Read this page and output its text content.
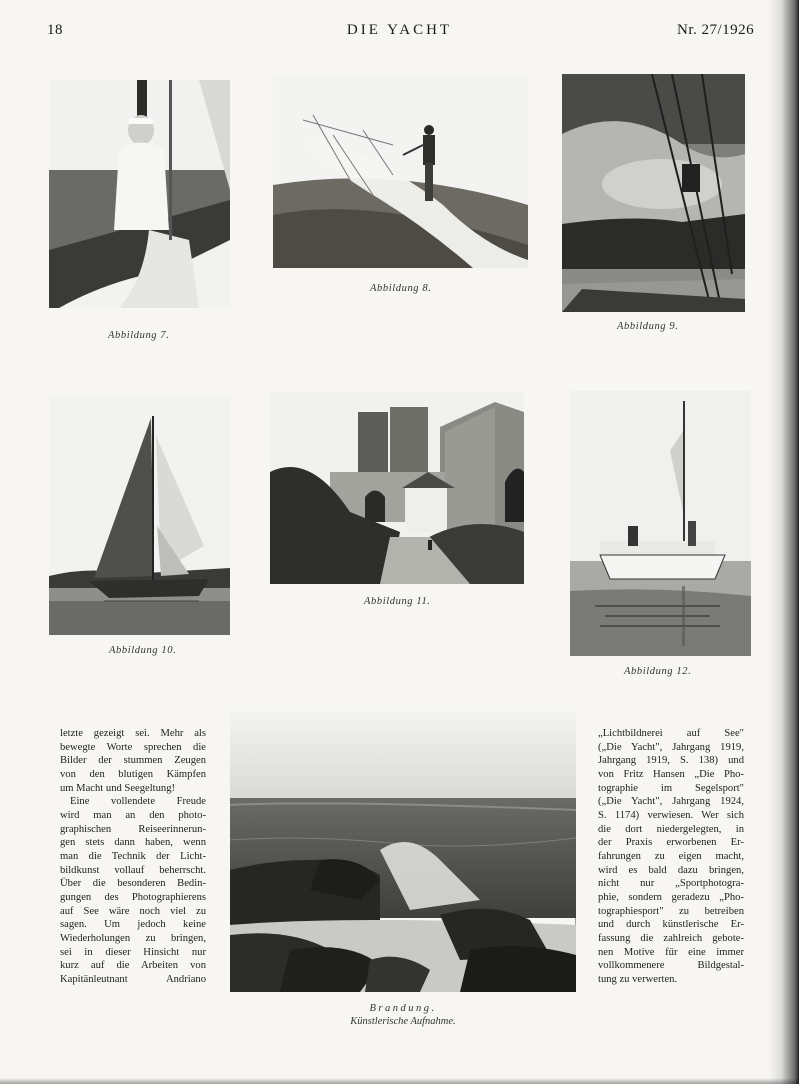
18	DIE YACHT	Nr. 27/1926
Abbildung 7.
Abbildung 8.
Abbildung 9.
Abbildung 10.
Abbildung 11.
Abbildung 12.
letzte gezeigt sei. Mehr als
bewegte Worte sprechen die
Bilder der stummen Zeugen
von den blutigen Kämpfen
um Macht und Seegeltung!
Eine vollendete Freude
wird man an den photo-
graphischen Reiseerinnerun-
gen stets dann haben, wenn
man die Technik der Licht-
bildkunst vollauf beherrscht.
Über die besonderen Bedin-
gungen des Photographierens
auf See wäre noch viel zu
sagen. Um jedoch keine
Wiederholungen zu bringen,
sei in dieser Hinsicht nur
kurz auf die Arbeiten von
Kapitänleutnant Andriano
„Lichtbildnerei auf See"
(„Die Yacht", Jahrgang 1919,
Jahrgang 1919, S. 138) und
von Fritz Hansen „Die Pho-
tographie im Segelsport"
(„Die Yacht", Jahrgang 1924,
S. 1174) verwiesen. Wer sich
die dort niedergelegten, in
der Praxis erworbenen Er-
fahrungen zu eigen macht,
wird es bald dazu bringen,
nicht nur „Sportphotogra-
phie, sondern geradezu „Pho-
tographiesport" zu betreiben
und durch künstlerische Er-
fassung die zahlreich gebote-
nen Motive für eine immer
vollkommenere Bildgestal-
tung zu verwerten.
Brandung.
Künstlerische Aufnahme.
